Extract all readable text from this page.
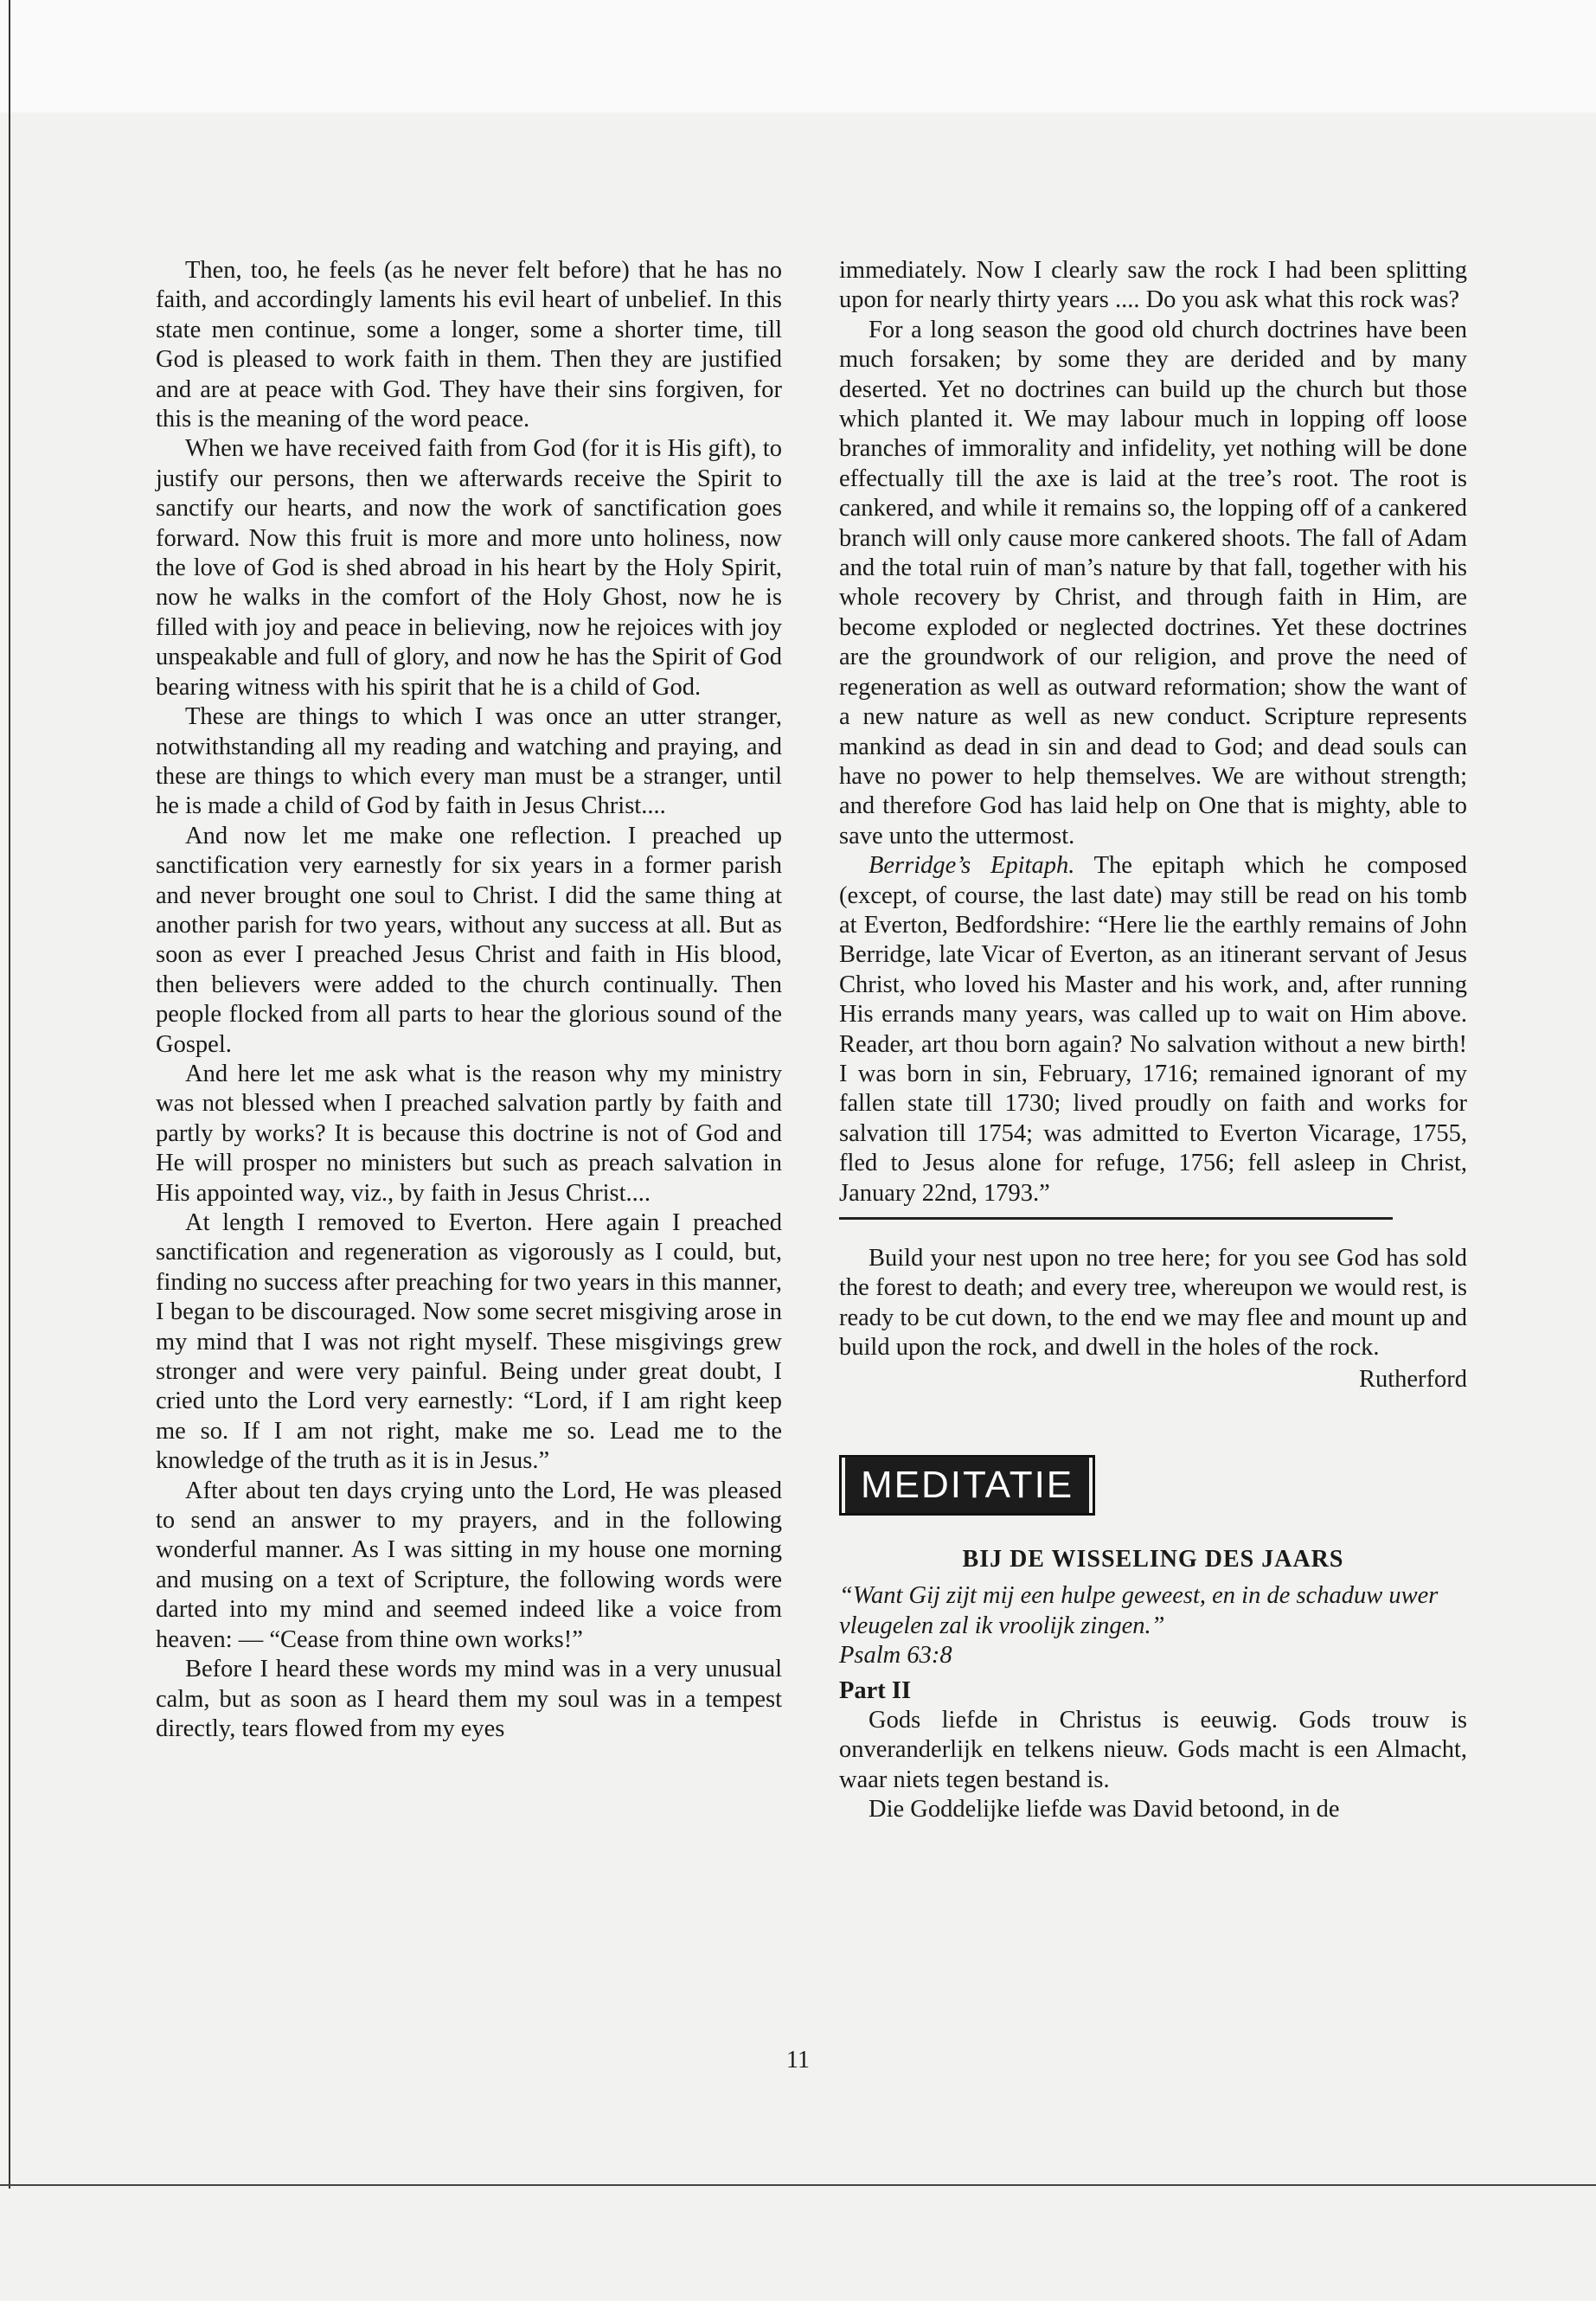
Then, too, he feels (as he never felt before) that he has no faith, and accordingly laments his evil heart of unbelief. In this state men continue, some a longer, some a shorter time, till God is pleased to work faith in them. Then they are justified and are at peace with God. They have their sins forgiven, for this is the meaning of the word peace.

When we have received faith from God (for it is His gift), to justify our persons, then we afterwards receive the Spirit to sanctify our hearts, and now the work of sanctification goes forward. Now this fruit is more and more unto holiness, now the love of God is shed abroad in his heart by the Holy Spirit, now he walks in the comfort of the Holy Ghost, now he is filled with joy and peace in believing, now he rejoices with joy unspeakable and full of glory, and now he has the Spirit of God bearing witness with his spirit that he is a child of God.

These are things to which I was once an utter stranger, notwithstanding all my reading and watching and praying, and these are things to which every man must be a stranger, until he is made a child of God by faith in Jesus Christ....

And now let me make one reflection. I preached up sanctification very earnestly for six years in a former parish and never brought one soul to Christ. I did the same thing at another parish for two years, without any success at all. But as soon as ever I preached Jesus Christ and faith in His blood, then believers were added to the church continually. Then people flocked from all parts to hear the glorious sound of the Gospel.

And here let me ask what is the reason why my ministry was not blessed when I preached salvation partly by faith and partly by works? It is because this doctrine is not of God and He will prosper no ministers but such as preach salvation in His appointed way, viz., by faith in Jesus Christ....

At length I removed to Everton. Here again I preached sanctification and regeneration as vigorously as I could, but, finding no success after preaching for two years in this manner, I began to be discouraged. Now some secret misgiving arose in my mind that I was not right myself. These misgivings grew stronger and were very painful. Being under great doubt, I cried unto the Lord very earnestly: “Lord, if I am right keep me so. If I am not right, make me so. Lead me to the knowledge of the truth as it is in Jesus.”

After about ten days crying unto the Lord, He was pleased to send an answer to my prayers, and in the following wonderful manner. As I was sitting in my house one morning and musing on a text of Scripture, the following words were darted into my mind and seemed indeed like a voice from heaven: — “Cease from thine own works!”

Before I heard these words my mind was in a very unusual calm, but as soon as I heard them my soul was in a tempest directly, tears flowed from my eyes

immediately. Now I clearly saw the rock I had been splitting upon for nearly thirty years .... Do you ask what this rock was?

For a long season the good old church doctrines have been much forsaken; by some they are derided and by many deserted. Yet no doctrines can build up the church but those which planted it. We may labour much in lopping off loose branches of immorality and infidelity, yet nothing will be done effectually till the axe is laid at the tree’s root. The root is cankered, and while it remains so, the lopping off of a cankered branch will only cause more cankered shoots. The fall of Adam and the total ruin of man’s nature by that fall, together with his whole recovery by Christ, and through faith in Him, are become exploded or neglected doctrines. Yet these doctrines are the groundwork of our religion, and prove the need of regeneration as well as outward reformation; show the want of a new nature as well as new conduct. Scripture represents mankind as dead in sin and dead to God; and dead souls can have no power to help themselves. We are without strength; and therefore God has laid help on One that is mighty, able to save unto the uttermost.

Berridge’s Epitaph. The epitaph which he composed (except, of course, the last date) may still be read on his tomb at Everton, Bedfordshire: “Here lie the earthly remains of John Berridge, late Vicar of Everton, as an itinerant servant of Jesus Christ, who loved his Master and his work, and, after running His errands many years, was called up to wait on Him above. Reader, art thou born again? No salvation without a new birth! I was born in sin, February, 1716; remained ignorant of my fallen state till 1730; lived proudly on faith and works for salvation till 1754; was admitted to Everton Vicarage, 1755, fled to Jesus alone for refuge, 1756; fell asleep in Christ, January 22nd, 1793.”

Build your nest upon no tree here; for you see God has sold the forest to death; and every tree, whereupon we would rest, is ready to be cut down, to the end we may flee and mount up and build upon the rock, and dwell in the holes of the rock.

Rutherford
MEDITATIE
BIJ DE WISSELING DES JAARS

“Want Gij zijt mij een hulpe geweest, en in de schaduw uwer vleugelen zal ik vroolijk zingen.”

Psalm 63:8

Part II

Gods liefde in Christus is eeuwig. Gods trouw is onveranderlijk en telkens nieuw. Gods macht is een Almacht, waar niets tegen bestand is.

Die Goddelijke liefde was David betoond, in de

11
